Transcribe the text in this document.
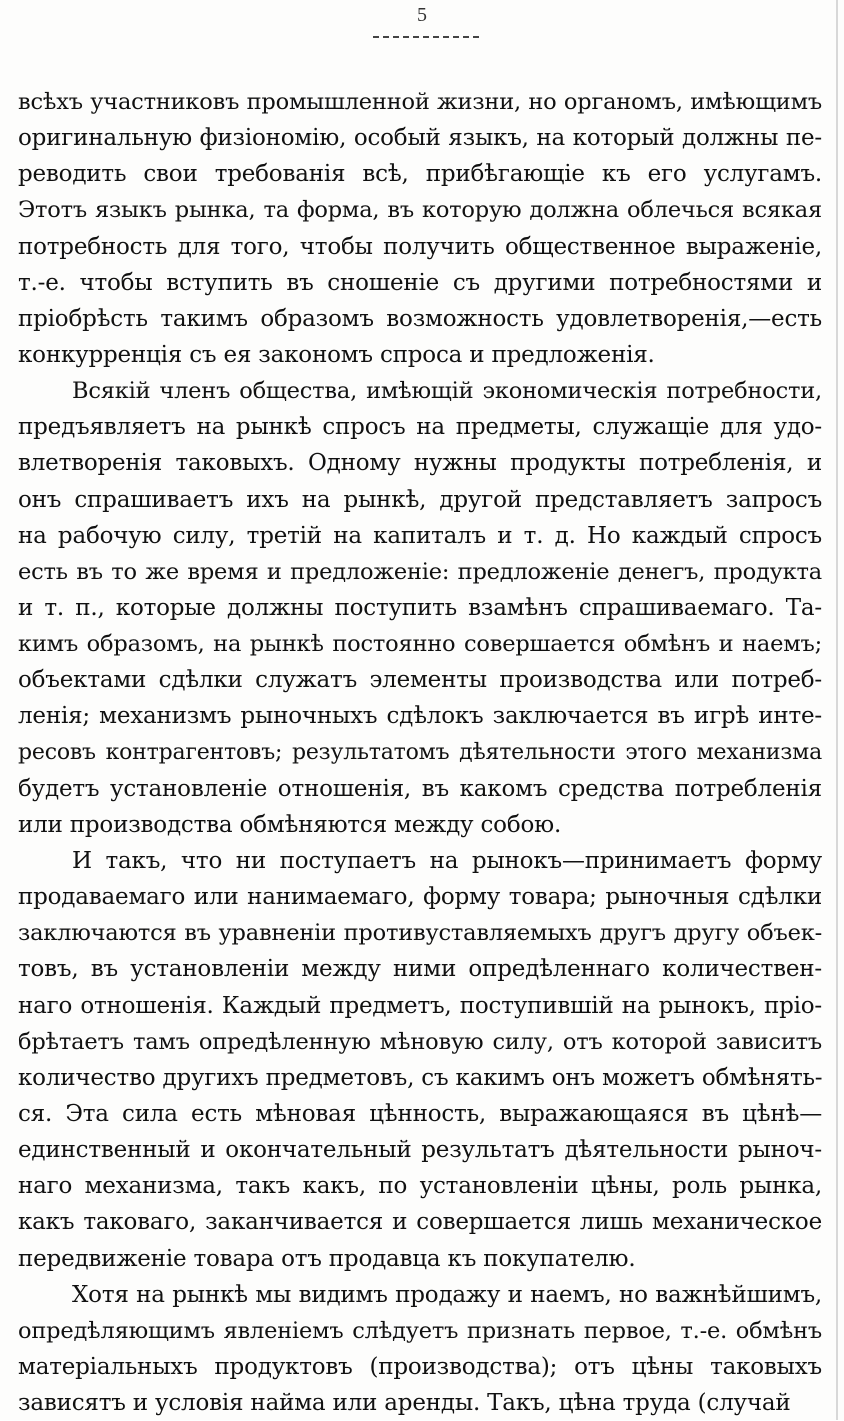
5
всѣхъ участниковъ промышленной жизни, но органомъ, имѣющимъ
оригинальную физіономію, особый языкъ, на который должны пе-
реводить свои требованія всѣ, прибѣгающіе къ его услугамъ.
Этотъ языкъ рынка, та форма, въ которую должна облечься всякая
потребность для того, чтобы получить общественное выраженіе,
т.-е. чтобы вступить въ сношеніе съ другими потребностями и
пріобрѣсть такимъ образомъ возможность удовлетворенія,—есть
конкурренція съ ея закономъ спроса и предложенія.
Всякій членъ общества, имѣющій экономическія потребности,
предъявляетъ на рынкѣ спросъ на предметы, служащіе для удо-
влетворенія таковыхъ. Одному нужны продукты потребленія, и
онъ спрашиваетъ ихъ на рынкѣ, другой представляетъ запросъ
на рабочую силу, третій на капиталъ и т. д. Но каждый спросъ
есть въ то же время и предложеніе: предложеніе денегъ, продукта
и т. п., которые должны поступить взамѣнъ спрашиваемаго. Та-
кимъ образомъ, на рынкѣ постоянно совершается обмѣнъ и наемъ;
объектами сдѣлки служатъ элементы производства или потреб-
ленія; механизмъ рыночныхъ сдѣлокъ заключается въ игрѣ инте-
ресовъ контрагентовъ; результатомъ дѣятельности этого механизма
будетъ установленіе отношенія, въ какомъ средства потребленія
или производства обмѣняются между собою.
И такъ, что ни поступаетъ на рынокъ—принимаетъ форму
продаваемаго или нанимаемаго, форму товара; рыночныя сдѣлки
заключаются въ уравненіи противуставляемыхъ другъ другу объек-
товъ, въ установленіи между ними опредѣленнаго количествен-
наго отношенія. Каждый предметъ, поступившій на рынокъ, пріо-
брѣтаетъ тамъ опредѣленную мѣновую силу, отъ которой зависитъ
количество другихъ предметовъ, съ какимъ онъ можетъ обмѣнять-
ся. Эта сила есть мѣновая цѣнность, выражающаяся въ цѣнѣ—
единственный и окончательный результатъ дѣятельности рыноч-
наго механизма, такъ какъ, по установленіи цѣны, роль рынка,
какъ таковаго, заканчивается и совершается лишь механическое
передвиженіе товара отъ продавца къ покупателю.
Хотя на рынкѣ мы видимъ продажу и наемъ, но важнѣйшимъ,
опредѣляющимъ явленіемъ слѣдуетъ признать первое, т.-е. обмѣнъ
матеріальныхъ продуктовъ (производства); отъ цѣны таковыхъ
зависятъ и условія найма или аренды. Такъ, цѣна труда (случай
